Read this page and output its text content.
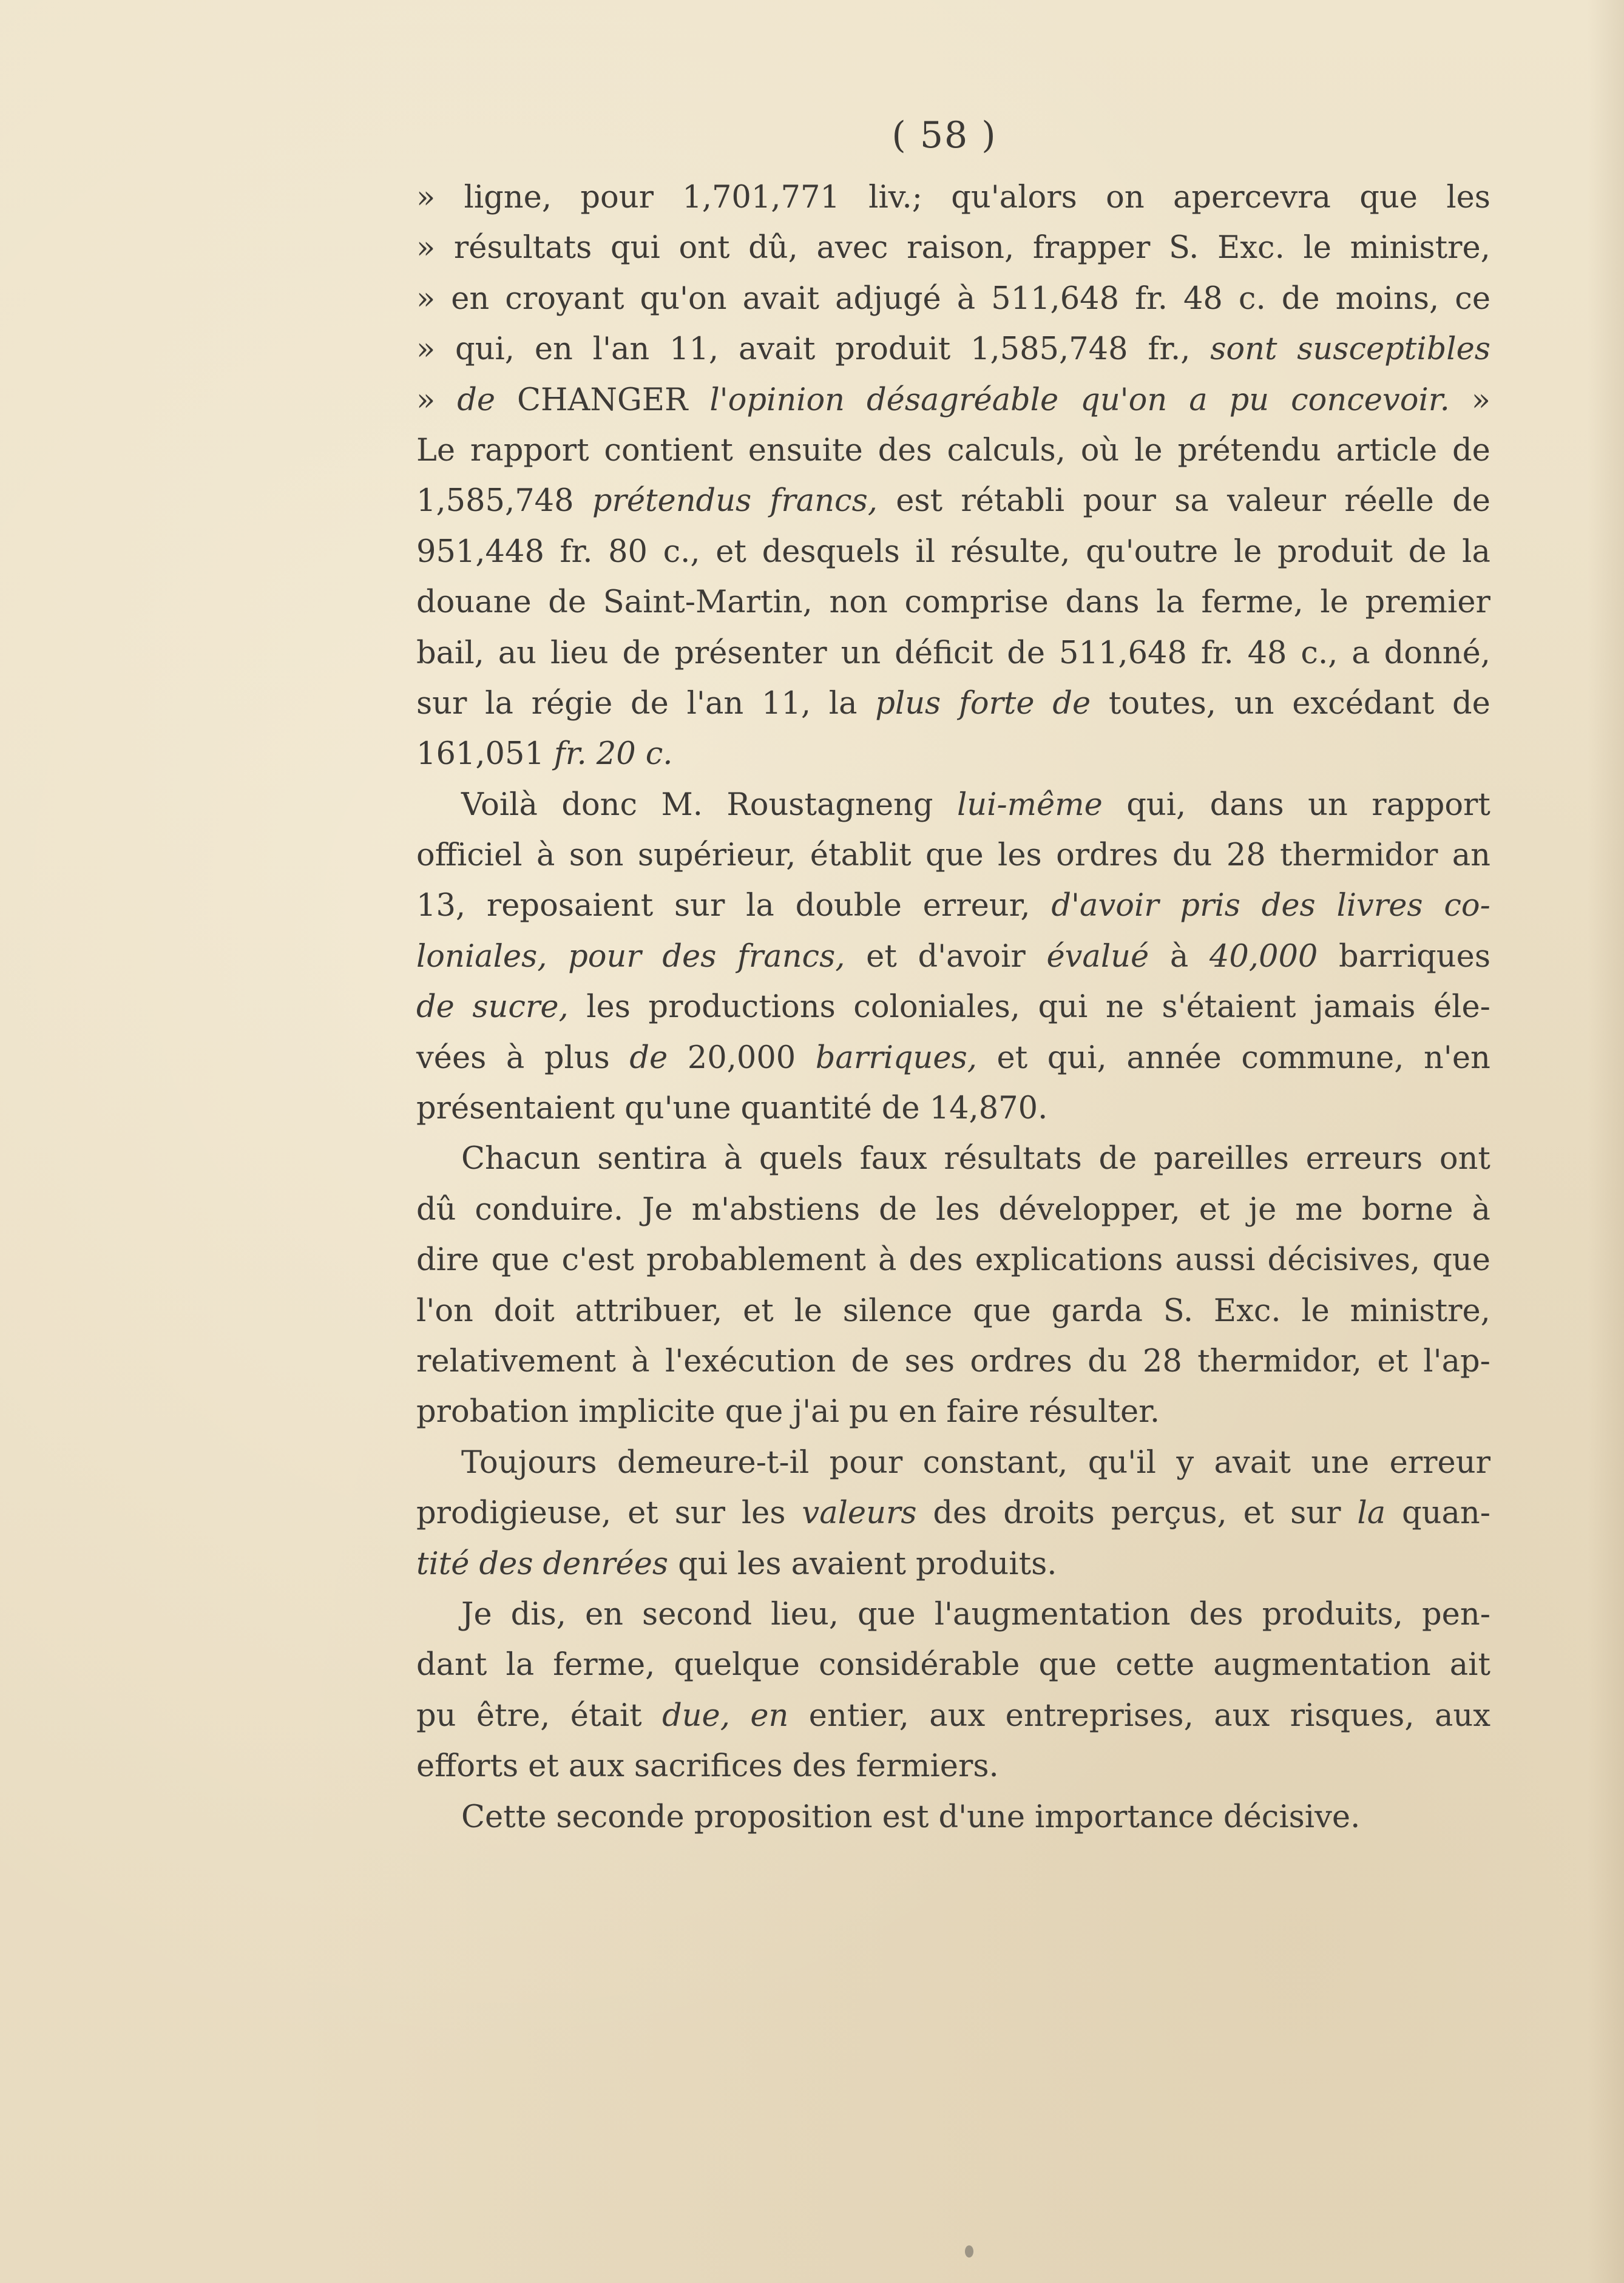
( 58 )
» ligne, pour 1,701,771 liv.; qu'alors on apercevra que les
» résultats qui ont dû, avec raison, frapper S. Exc. le ministre,
» en croyant qu'on avait adjugé à 511,648 fr. 48 c. de moins, ce
» qui, en l'an 11, avait produit 1,585,748 fr., sont susceptibles
» de CHANGER l'opinion désagréable qu'on a pu concevoir. »
Le rapport contient ensuite des calculs, où le prétendu article de
1,585,748 prétendus francs, est rétabli pour sa valeur réelle de
951,448 fr. 80 c., et desquels il résulte, qu'outre le produit de la
douane de Saint-Martin, non comprise dans la ferme, le premier
bail, au lieu de présenter un déficit de 511,648 fr. 48 c., a donné,
sur la régie de l'an 11, la plus forte de toutes, un excédant de
161,051 fr. 20 c.
Voilà donc M. Roustagneng lui-même qui, dans un rapport
officiel à son supérieur, établit que les ordres du 28 thermidor an
13, reposaient sur la double erreur, d'avoir pris des livres co-
loniales, pour des francs, et d'avoir évalué à 40,000 barriques
de sucre, les productions coloniales, qui ne s'étaient jamais éle-
vées à plus de 20,000 barriques, et qui, année commune, n'en
présentaient qu'une quantité de 14,870.
Chacun sentira à quels faux résultats de pareilles erreurs ont
dû conduire. Je m'abstiens de les développer, et je me borne à
dire que c'est probablement à des explications aussi décisives, que
l'on doit attribuer, et le silence que garda S. Exc. le ministre,
relativement à l'exécution de ses ordres du 28 thermidor, et l'ap-
probation implicite que j'ai pu en faire résulter.
Toujours demeure-t-il pour constant, qu'il y avait une erreur
prodigieuse, et sur les valeurs des droits perçus, et sur la quan-
tité des denrées qui les avaient produits.
Je dis, en second lieu, que l'augmentation des produits, pen-
dant la ferme, quelque considérable que cette augmentation ait
pu être, était due, en entier, aux entreprises, aux risques, aux
efforts et aux sacrifices des fermiers.
Cette seconde proposition est d'une importance décisive.
